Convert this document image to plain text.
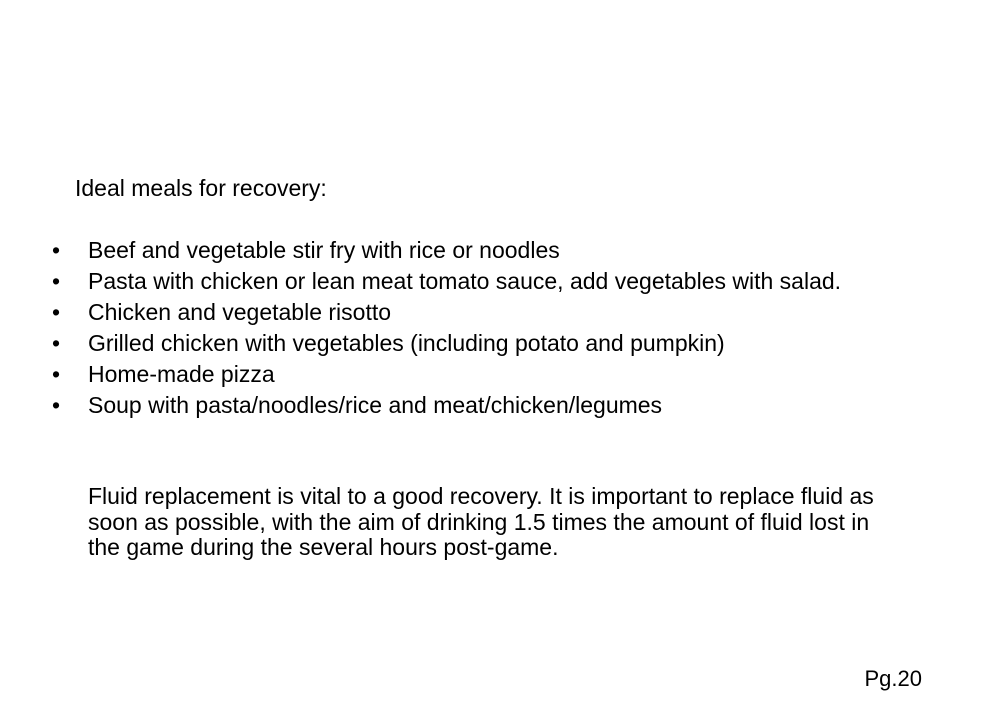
Ideal meals for recovery:
•	Beef and vegetable stir fry with rice or noodles
•	Pasta with chicken or lean meat tomato sauce, add vegetables with salad.
•	Chicken and vegetable risotto
•	Grilled chicken with vegetables (including potato and pumpkin)
•	Home-made pizza
•	Soup with pasta/noodles/rice and meat/chicken/legumes

Fluid replacement is vital to a good recovery. It is important to replace fluid as soon as possible, with the aim of drinking 1.5 times the amount of fluid lost in the game during the several hours post-game.

Pg.20
